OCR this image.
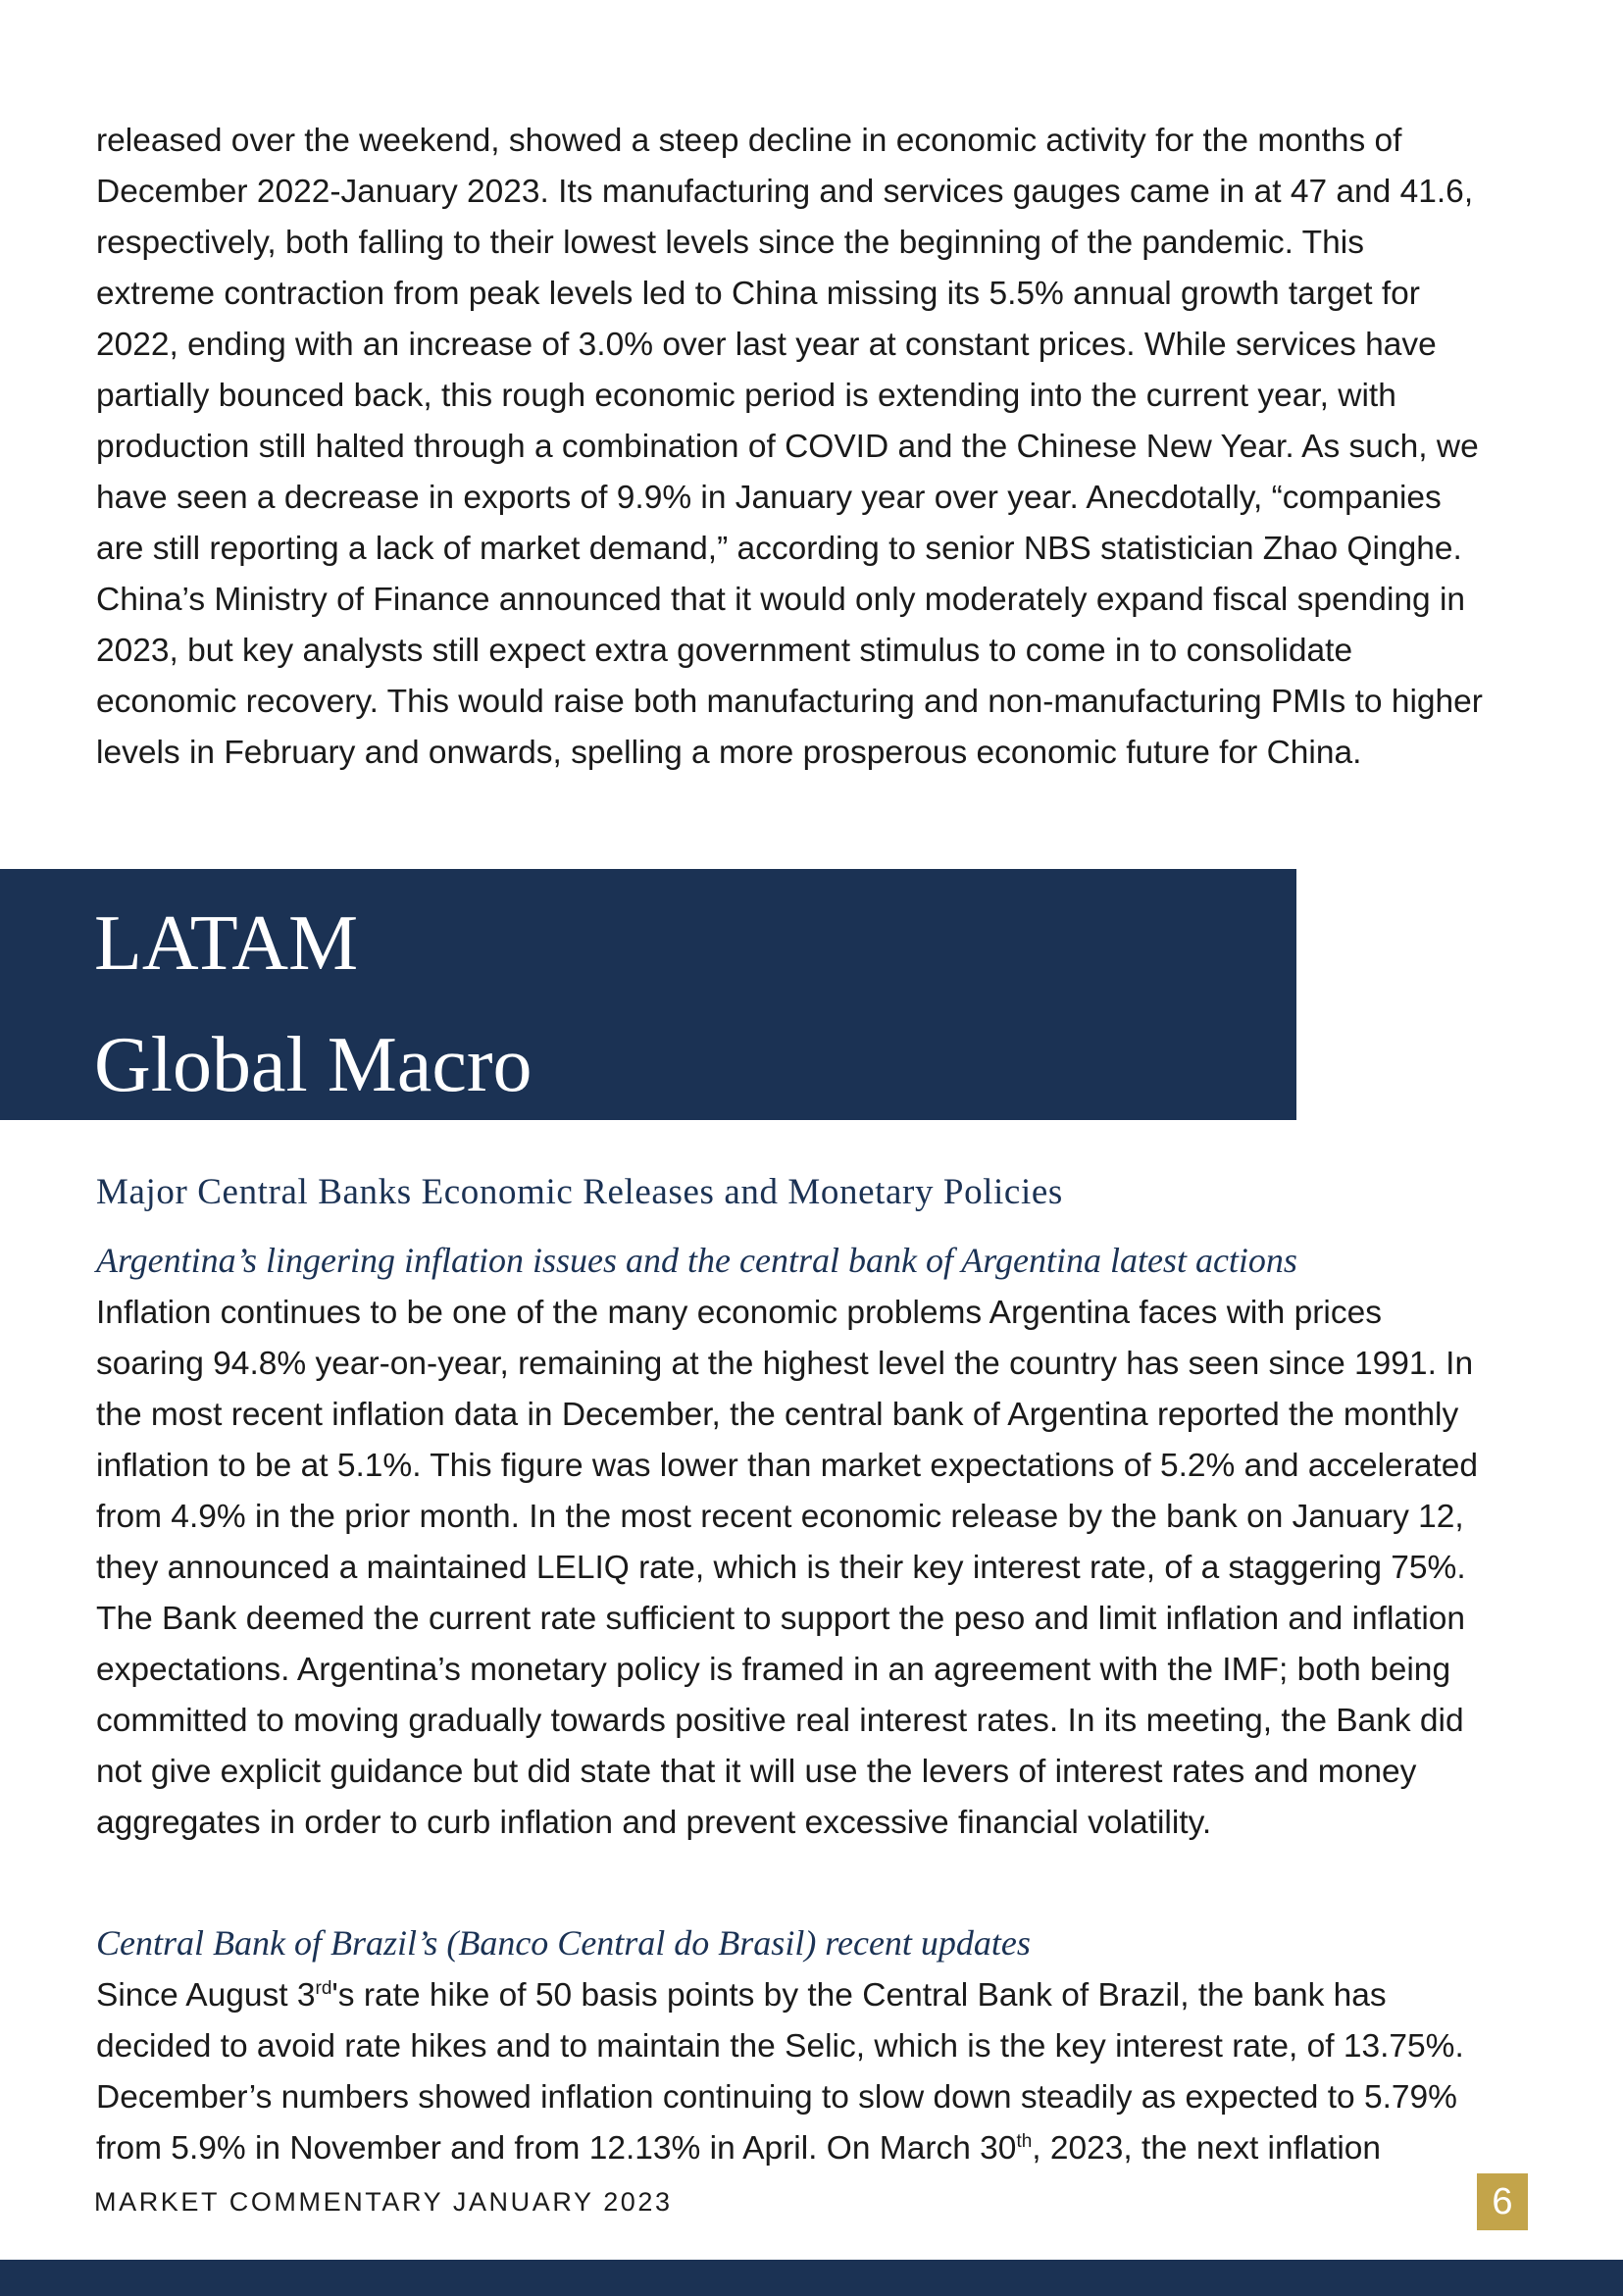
released over the weekend, showed a steep decline in economic activity for the months of

December 2022-January 2023. Its manufacturing and services gauges came in at 47 and 41.6,

respectively, both falling to their lowest levels since the beginning of the pandemic. This

extreme contraction from peak levels led to China missing its 5.5% annual growth target for

2022, ending with an increase of 3.0% over last year at constant prices. While services have

partially bounced back, this rough economic period is extending into the current year, with

production still halted through a combination of COVID and the Chinese New Year. As such, we

have seen a decrease in exports of 9.9% in January year over year. Anecdotally, “companies

are still reporting a lack of market demand,” according to senior NBS statistician Zhao Qinghe.

China’s Ministry of Finance announced that it would only moderately expand fiscal spending in

2023, but key analysts still expect extra government stimulus to come in to consolidate

economic recovery. This would raise both manufacturing and non-manufacturing PMIs to higher

levels in February and onwards, spelling a more prosperous economic future for China.

LATAM
Global Macro
Major Central Banks Economic Releases and Monetary Policies
Argentina’s lingering inflation issues and the central bank of Argentina latest actions

Inflation continues to be one of the many economic problems Argentina faces with prices

soaring 94.8% year-on-year, remaining at the highest level the country has seen since 1991. In

the most recent inflation data in December, the central bank of Argentina reported the monthly

inflation to be at 5.1%. This figure was lower than market expectations of 5.2% and accelerated

from 4.9% in the prior month. In the most recent economic release by the bank on January 12,

they announced a maintained LELIQ rate, which is their key interest rate, of a staggering 75%.

The Bank deemed the current rate sufficient to support the peso and limit inflation and inflation

expectations. Argentina’s monetary policy is framed in an agreement with the IMF; both being

committed to moving gradually towards positive real interest rates. In its meeting, the Bank did

not give explicit guidance but did state that it will use the levers of interest rates and money

aggregates in order to curb inflation and prevent excessive financial volatility.

Central Bank of Brazil’s (Banco Central do Brasil) recent updates

Since August 3rd's rate hike of 50 basis points by the Central Bank of Brazil, the bank has

decided to avoid rate hikes and to maintain the Selic, which is the key interest rate, of 13.75%.

December’s numbers showed inflation continuing to slow down steadily as expected to 5.79%

from 5.9% in November and from 12.13% in April. On March 30th, 2023, the next inflation

MARKET COMMENTARY JANUARY 2023	6
